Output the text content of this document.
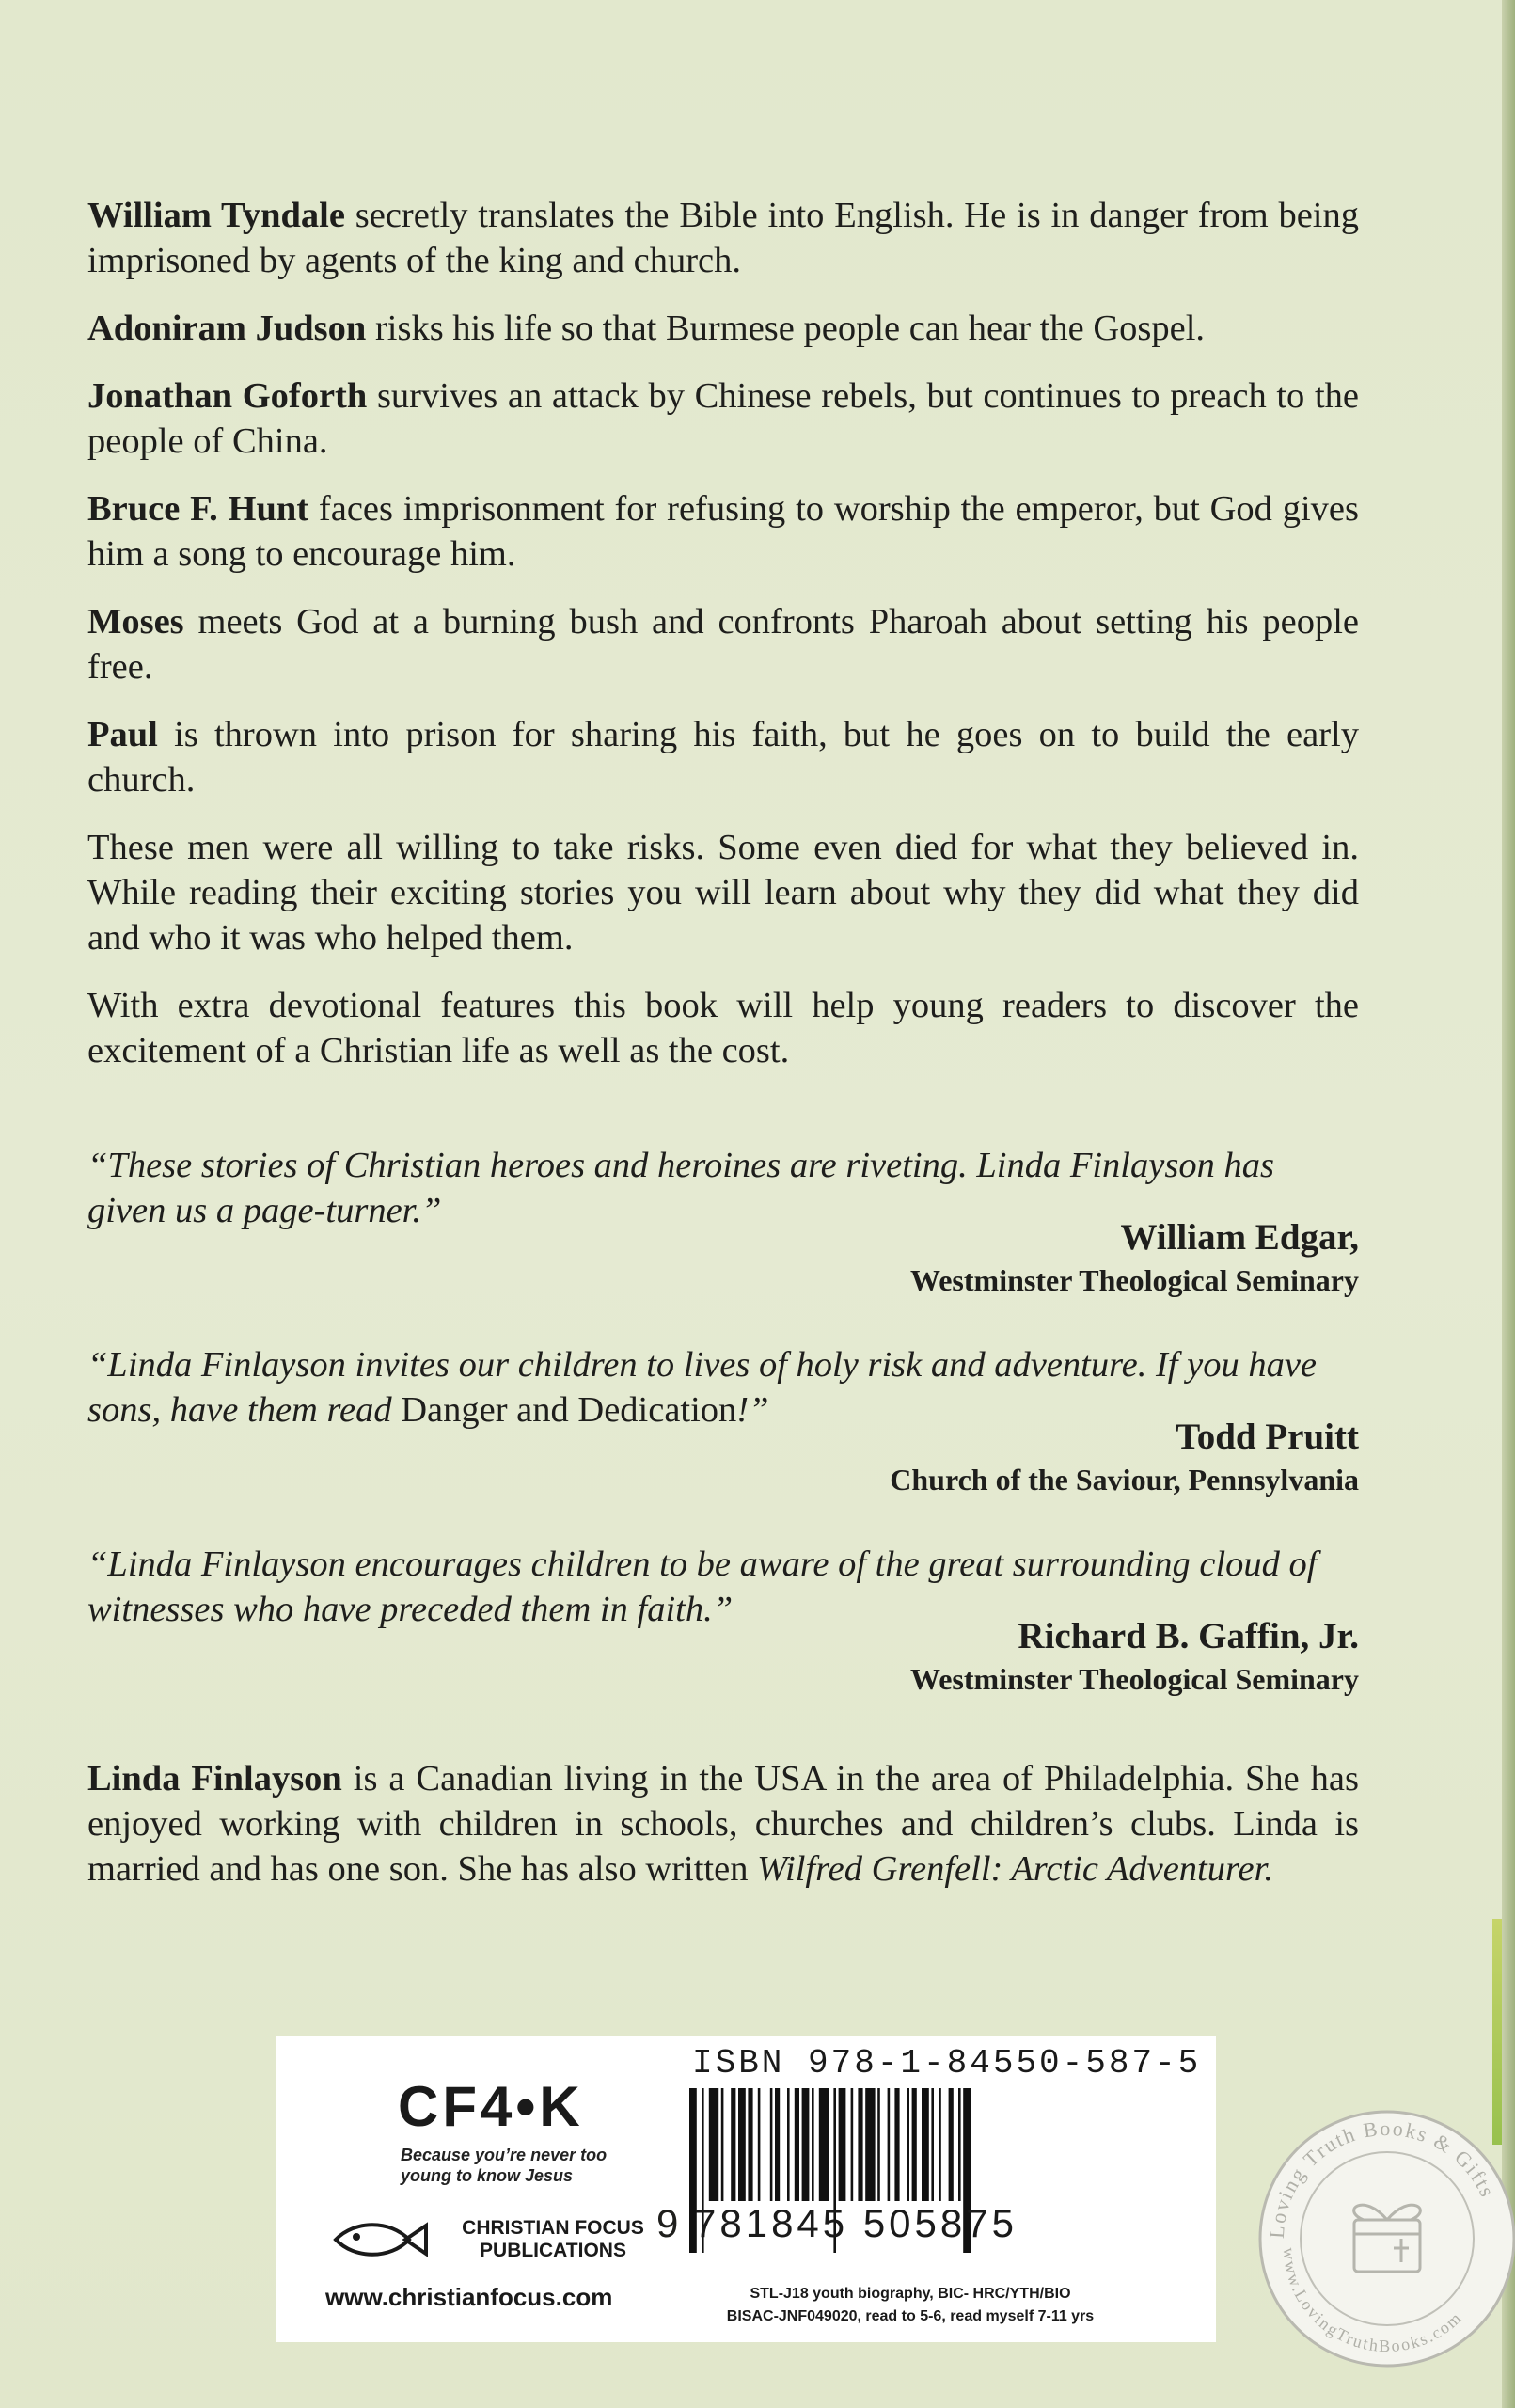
William Tyndale secretly translates the Bible into English. He is in danger from being imprisoned by agents of the king and church.

Adoniram Judson risks his life so that Burmese people can hear the Gospel.

Jonathan Goforth survives an attack by Chinese rebels, but continues to preach to the people of China.

Bruce F. Hunt faces imprisonment for refusing to worship the emperor, but God gives him a song to encourage him.

Moses meets God at a burning bush and confronts Pharoah about setting his people free.

Paul is thrown into prison for sharing his faith, but he goes on to build the early church.

These men were all willing to take risks. Some even died for what they believed in. While reading their exciting stories you will learn about why they did what they did and who it was who helped them.

With extra devotional features this book will help young readers to discover the excitement of a Christian life as well as the cost.

“These stories of Christian heroes and heroines are riveting. Linda Finlayson has given us a page-turner.”

William Edgar,
Westminster Theological Seminary

“Linda Finlayson invites our children to lives of holy risk and adventure. If you have sons, have them read Danger and Dedication!”

Todd Pruitt
Church of the Saviour, Pennsylvania

“Linda Finlayson encourages children to be aware of the great surrounding cloud of witnesses who have preceded them in faith.”

Richard B. Gaffin, Jr.
Westminster Theological Seminary

Linda Finlayson is a Canadian living in the USA in the area of Philadelphia. She has enjoyed working with children in schools, churches and children’s clubs. Linda is married and has one son. She has also written Wilfred Grenfell: Arctic Adventurer.

CF4•K
Because you’re never too young to know Jesus
CHRISTIAN FOCUS PUBLICATIONS
www.christianfocus.com
ISBN 978-1-84550-587-5
9 781845 505875
STL-J18 youth biography, BIC- HRC/YTH/BIO
BISAC-JNF049020, read to 5-6, read myself 7-11 yrs
Loving Truth Books & Gifts
www.LovingTruthBooks.com
